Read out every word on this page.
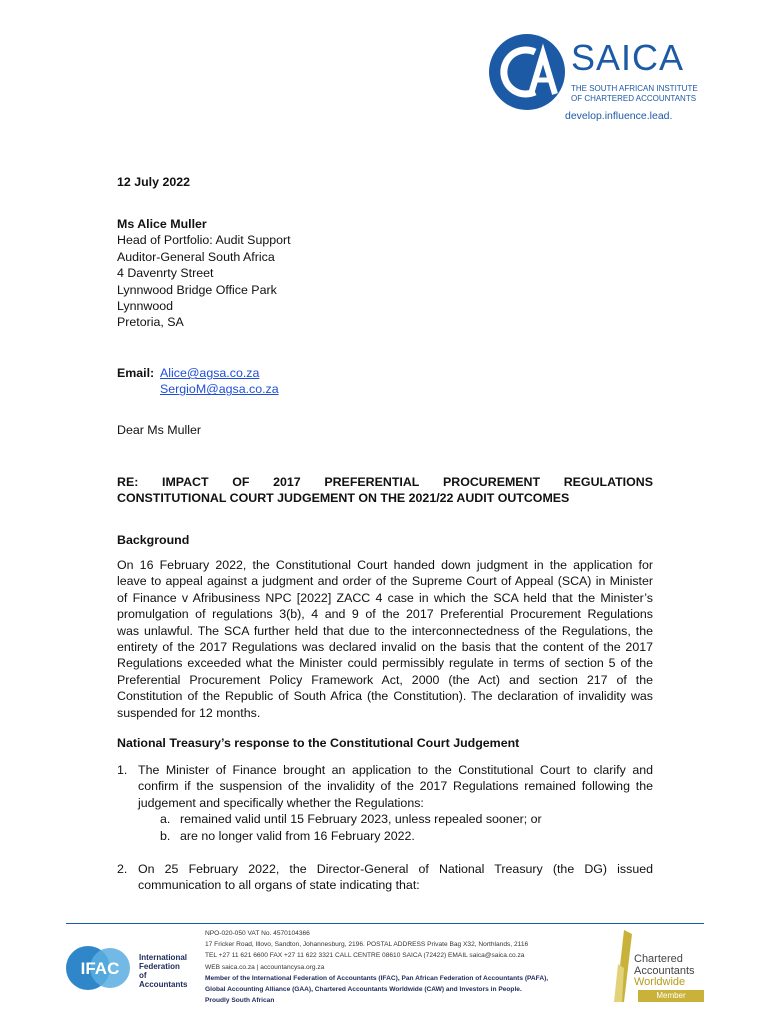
SAICA
THE SOUTH AFRICAN INSTITUTE
OF CHARTERED ACCOUNTANTS
develop.influence.lead.
12 July 2022
Ms Alice Muller
Head of Portfolio: Audit Support
Auditor-General South Africa
4 Davenrty Street
Lynnwood Bridge Office Park
Lynnwood
Pretoria, SA
Email: Alice@agsa.co.za
SergioM@agsa.co.za
Dear Ms Muller
RE: IMPACT OF 2017 PREFERENTIAL PROCUREMENT REGULATIONS
CONSTITUTIONAL COURT JUDGEMENT ON THE 2021/22 AUDIT OUTCOMES
Background
On 16 February 2022, the Constitutional Court handed down judgment in the application for
leave to appeal against a judgment and order of the Supreme Court of Appeal (SCA) in Minister
of Finance v Afribusiness NPC [2022] ZACC 4 case in which the SCA held that the Minister’s
promulgation of regulations 3(b), 4 and 9 of the 2017 Preferential Procurement Regulations
was unlawful. The SCA further held that due to the interconnectedness of the Regulations, the
entirety of the 2017 Regulations was declared invalid on the basis that the content of the 2017
Regulations exceeded what the Minister could permissibly regulate in terms of section 5 of the
Preferential Procurement Policy Framework Act, 2000 (the Act) and section 217 of the
Constitution of the Republic of South Africa (the Constitution). The declaration of invalidity was
suspended for 12 months.
National Treasury’s response to the Constitutional Court Judgement
1. The Minister of Finance brought an application to the Constitutional Court to clarify and
confirm if the suspension of the invalidity of the 2017 Regulations remained following the
judgement and specifically whether the Regulations:
a. remained valid until 15 February 2023, unless repealed sooner; or
b. are no longer valid from 16 February 2022.
2. On 25 February 2022, the Director-General of National Treasury (the DG) issued
communication to all organs of state indicating that:
IFAC
International
Federation
of Accountants
NPO-020-050 VAT No. 4570104366
17 Fricker Road, Illovo, Sandton, Johannesburg, 2196. POSTAL ADDRESS Private Bag X32, Northlands, 2116
TEL +27 11 621 6600 FAX +27 11 622 3321 CALL CENTRE 08610 SAICA (72422) EMAIL saica@saica.co.za
WEB saica.co.za | accountancysa.org.za
Member of the International Federation of Accountants (IFAC), Pan African Federation of Accountants (PAFA),
Global Accounting Alliance (GAA), Chartered Accountants Worldwide (CAW) and Investors in People.
Proudly South African
Chartered
Accountants
Worldwide
Member
